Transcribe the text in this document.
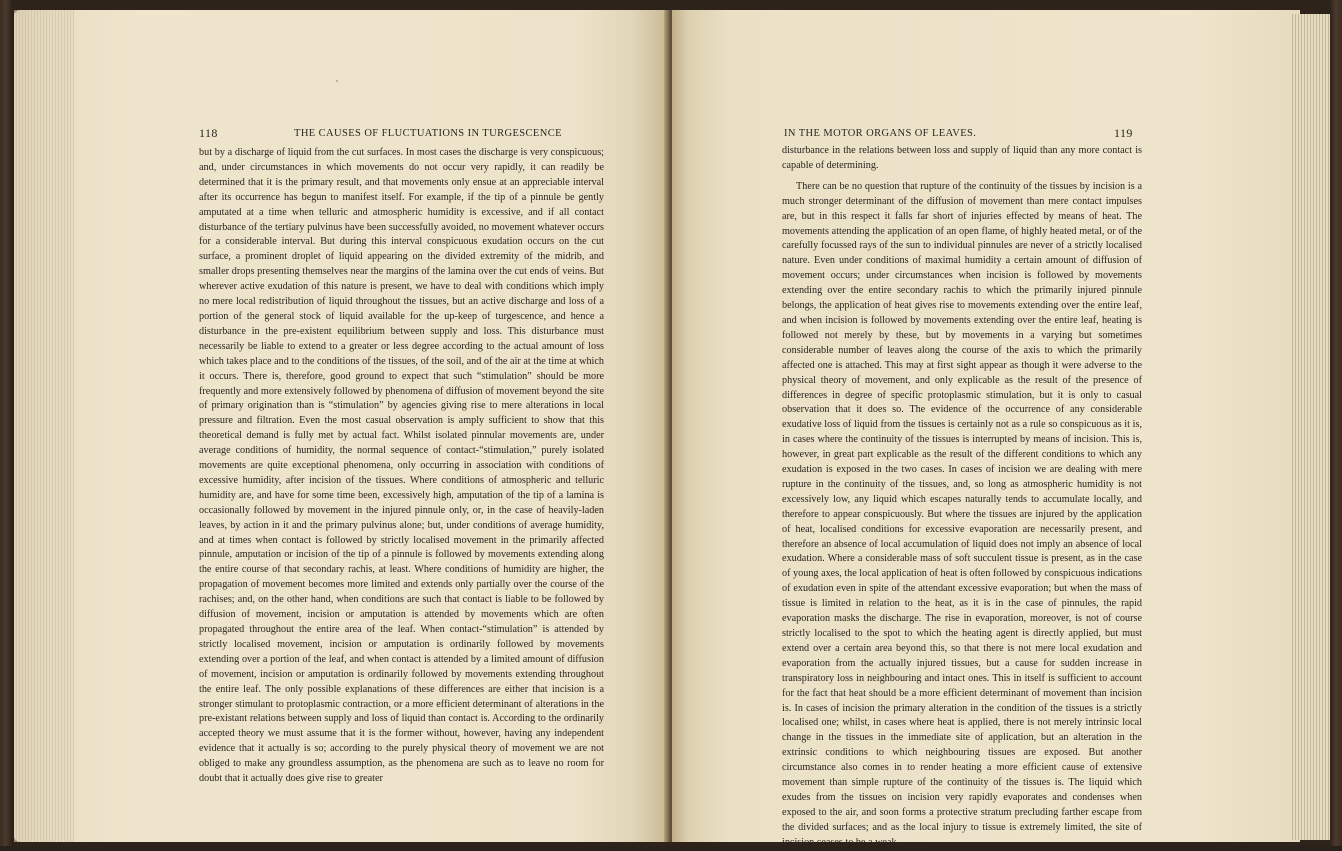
118	THE CAUSES OF FLUCTUATIONS IN TURGESCENCE

but by a discharge of liquid from the cut surfaces. In most cases the discharge is very conspicuous; and, under circumstances in which movements do not occur very rapidly, it can readily be determined that it is the primary result, and that movements only ensue at an appreciable interval after its occurrence has begun to manifest itself. For example, if the tip of a pinnule be gently amputated at a time when telluric and atmospheric humidity is excessive, and if all contact disturbance of the tertiary pulvinus have been successfully avoided, no movement whatever occurs for a considerable interval. But during this interval conspicuous exudation occurs on the cut surface, a prominent droplet of liquid appearing on the divided extremity of the midrib, and smaller drops presenting themselves near the margins of the lamina over the cut ends of veins. But wherever active exudation of this nature is present, we have to deal with conditions which imply no mere local redistribution of liquid throughout the tissues, but an active discharge and loss of a portion of the general stock of liquid available for the up-keep of turgescence, and hence a disturbance in the pre-existent equilibrium between supply and loss. This disturbance must necessarily be liable to extend to a greater or less degree according to the actual amount of loss which takes place and to the conditions of the tissues, of the soil, and of the air at the time at which it occurs. There is, therefore, good ground to expect that such “stimulation” should be more frequently and more extensively followed by phenomena of diffusion of movement beyond the site of primary origination than is “stimulation” by agencies giving rise to mere alterations in local pressure and filtration. Even the most casual observation is amply sufficient to show that this theoretical demand is fully met by actual fact. Whilst isolated pinnular movements are, under average conditions of humidity, the normal sequence of contact-“stimulation,” purely isolated movements are quite exceptional phenomena, only occurring in association with conditions of excessive humidity, after incision of the tissues. Where conditions of atmospheric and telluric humidity are, and have for some time been, excessively high, amputation of the tip of a lamina is occasionally followed by movement in the injured pinnule only, or, in the case of heavily-laden leaves, by action in it and the primary pulvinus alone; but, under conditions of average humidity, and at times when contact is followed by strictly localised movement in the primarily affected pinnule, amputation or incision of the tip of a pinnule is followed by movements extending along the entire course of that secondary rachis, at least. Where conditions of humidity are higher, the propagation of movement becomes more limited and extends only partially over the course of the rachises; and, on the other hand, when conditions are such that contact is liable to be followed by diffusion of movement, incision or amputation is attended by movements which are often propagated throughout the entire area of the leaf. When contact-“stimulation” is attended by strictly localised movement, incision or amputation is ordinarily followed by movements extending over a portion of the leaf, and when contact is attended by a limited amount of diffusion of movement, incision or amputation is ordinarily followed by movements extending throughout the entire leaf. The only possible explanations of these differences are either that incision is a stronger stimulant to protoplasmic contraction, or a more efficient determinant of alterations in the pre-existant relations between supply and loss of liquid than contact is. According to the ordinarily accepted theory we must assume that it is the former without, however, having any independent evidence that it actually is so; according to the purely physical theory of movement we are not obliged to make any groundless assumption, as the phenomena are such as to leave no room for doubt that it actually does give rise to greater

IN THE MOTOR ORGANS OF LEAVES.	119

disturbance in the relations between loss and supply of liquid than any more contact is capable of determining.

There can be no question that rupture of the continuity of the tissues by incision is a much stronger determinant of the diffusion of movement than mere contact impulses are, but in this respect it falls far short of injuries effected by means of heat. The movements attending the application of an open flame, of highly heated metal, or of the carefully focussed rays of the sun to individual pinnules are never of a strictly localised nature. Even under conditions of maximal humidity a certain amount of diffusion of movement occurs; under circumstances when incision is followed by movements extending over the entire secondary rachis to which the primarily injured pinnule belongs, the application of heat gives rise to movements extending over the entire leaf, and when incision is followed by movements extending over the entire leaf, heating is followed not merely by these, but by movements in a varying but sometimes considerable number of leaves along the course of the axis to which the primarily affected one is attached. This may at first sight appear as though it were adverse to the physical theory of movement, and only explicable as the result of the presence of differences in degree of specific protoplasmic stimulation, but it is only to casual observation that it does so. The evidence of the occurrence of any considerable exudative loss of liquid from the tissues is certainly not as a rule so conspicuous as it is, in cases where the continuity of the tissues is interrupted by means of incision. This is, however, in great part explicable as the result of the different conditions to which any exudation is exposed in the two cases. In cases of incision we are dealing with mere rupture in the continuity of the tissues, and, so long as atmospheric humidity is not excessively low, any liquid which escapes naturally tends to accumulate locally, and therefore to appear conspicuously. But where the tissues are injured by the application of heat, localised conditions for excessive evaporation are necessarily present, and therefore an absence of local accumulation of liquid does not imply an absence of local exudation. Where a considerable mass of soft succulent tissue is present, as in the case of young axes, the local application of heat is often followed by conspicuous indications of exudation even in spite of the attendant excessive evaporation; but when the mass of tissue is limited in relation to the heat, as it is in the case of pinnules, the rapid evaporation masks the discharge. The rise in evaporation, moreover, is not of course strictly localised to the spot to which the heating agent is directly applied, but must extend over a certain area beyond this, so that there is not mere local exudation and evaporation from the actually injured tissues, but a cause for sudden increase in transpiratory loss in neighbouring and intact ones. This in itself is sufficient to account for the fact that heat should be a more efficient determinant of movement than incision is. In cases of incision the primary alteration in the condition of the tissues is a strictly localised one; whilst, in cases where heat is applied, there is not merely intrinsic local change in the tissues in the immediate site of application, but an alteration in the extrinsic conditions to which neighbouring tissues are exposed. But another circumstance also comes in to render heating a more efficient cause of extensive movement than simple rupture of the continuity of the tissues is. The liquid which exudes from the tissues on incision very rapidly evaporates and condenses when exposed to the air, and soon forms a protective stratum precluding farther escape from the divided surfaces; and as the local injury to tissue is extremely limited, the site of incision ceases to be a weak
